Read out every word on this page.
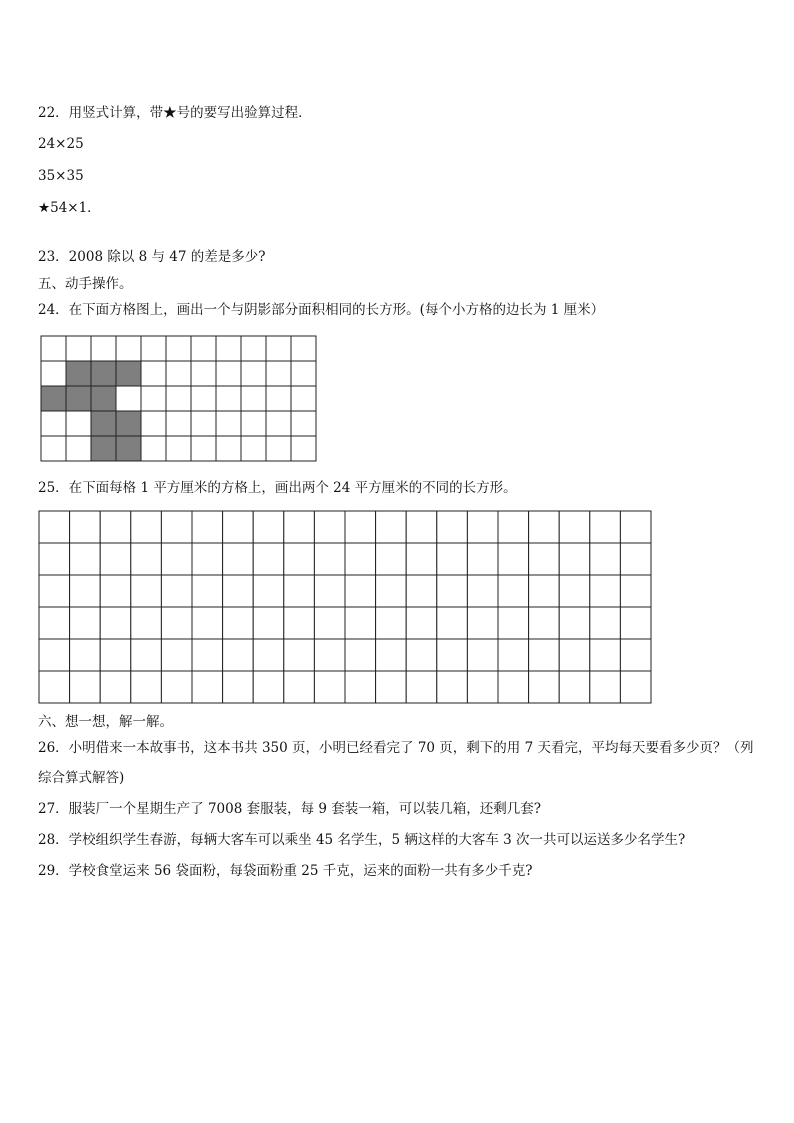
22．用竖式计算，带★号的要写出验算过程．
24×25
35×35
★54×1．
23．2008 除以 8 与 47 的差是多少?
五、动手操作。
24．在下面方格图上，画出一个与阴影部分面积相同的长方形。(每个小方格的边长为 1 厘米）
25．在下面每格 1 平方厘米的方格上，画出两个 24 平方厘米的不同的长方形。
六、想一想，解一解。
26．小明借来一本故事书，这本书共 350 页，小明已经看完了 70 页，剩下的用 7 天看完，平均每天要看多少页？（列
综合算式解答)
27．服装厂一个星期生产了 7008 套服装，每 9 套装一箱，可以装几箱，还剩几套?
28．学校组织学生春游，每辆大客车可以乘坐 45 名学生，5 辆这样的大客车 3 次一共可以运送多少名学生?
29．学校食堂运来 56 袋面粉，每袋面粉重 25 千克，运来的面粉一共有多少千克?
